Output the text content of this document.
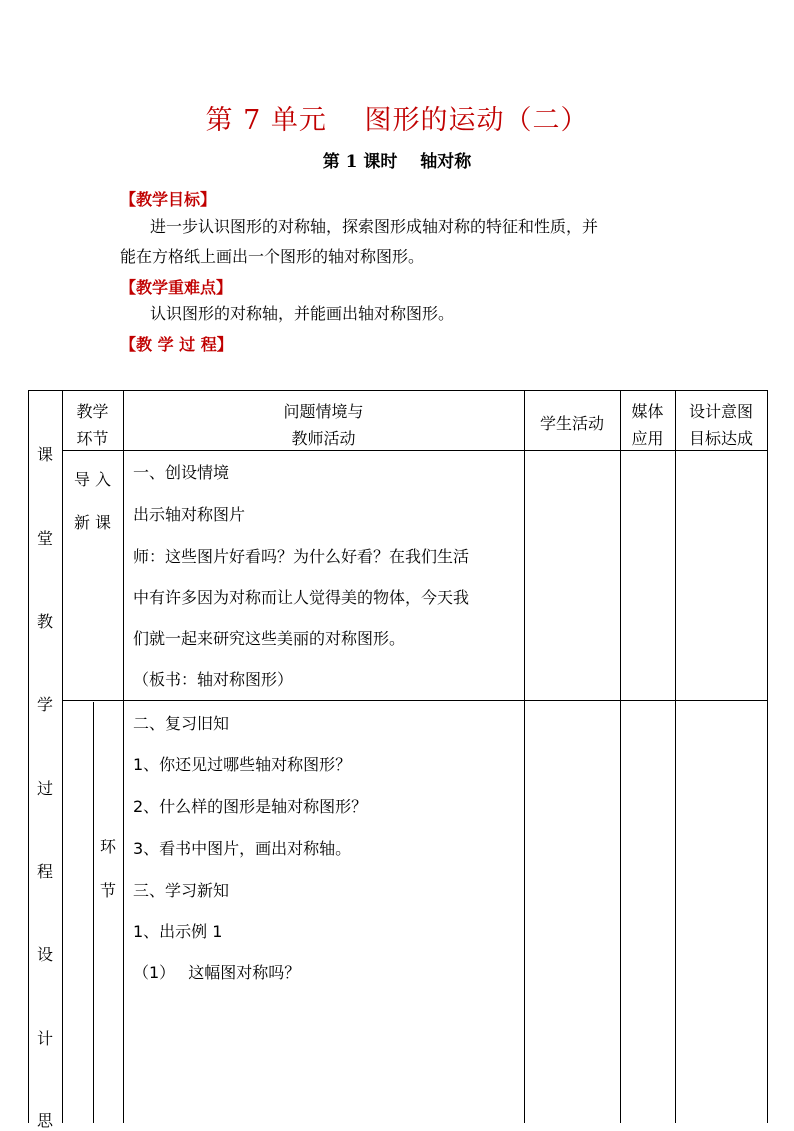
第 7 单元　 图形的运动（二）
第 1 课时　 轴对称
【教学目标】
进一步认识图形的对称轴，探索图形成轴对称的特征和性质，并
能在方格纸上画出一个图形的轴对称图形。
【教学重难点】
认识图形的对称轴，并能画出轴对称图形。
【教 学 过 程】
课
堂
教
学
过
程
设
计
思
教学
环节
问题情境与
教师活动
学生活动
媒体
应用
设计意图
目标达成
导 入
新 课
一、创设情境
出示轴对称图片
师：这些图片好看吗？为什么好看？在我们生活
中有许多因为对称而让人觉得美的物体，今天我
们就一起来研究这些美丽的对称图形。
（板书：轴对称图形）
环
节
二、复习旧知
1、你还见过哪些轴对称图形？
2、什么样的图形是轴对称图形？
3、看书中图片，画出对称轴。
三、学习新知
1、出示例 1
（1）　 这幅图对称吗？
